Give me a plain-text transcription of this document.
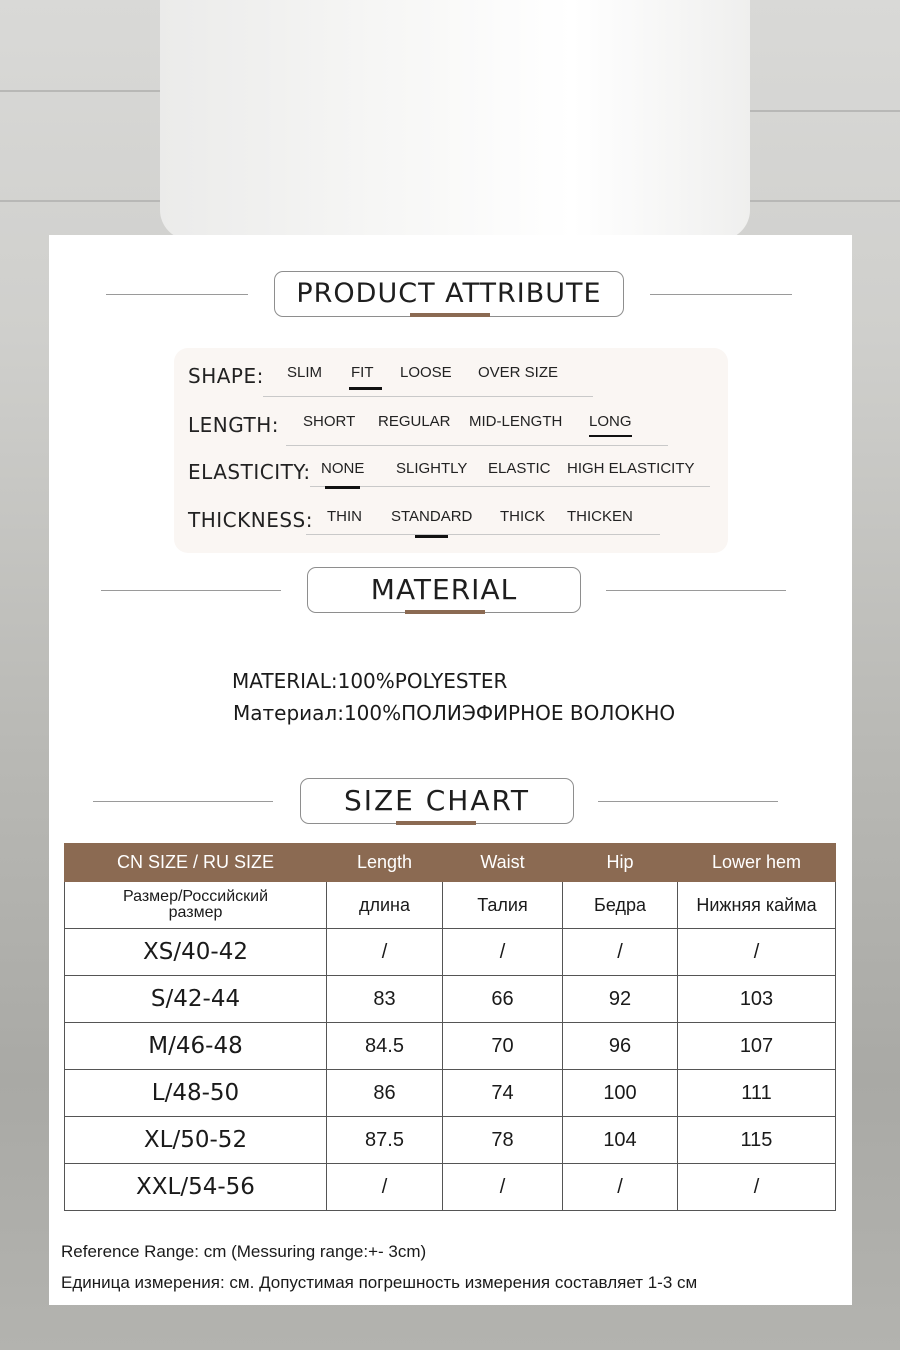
PRODUCT ATTRIBUTE
SHAPE: SLIM FIT LOOSE OVER SIZE
LENGTH: SHORT REGULAR MID-LENGTH LONG
ELASTICITY: NONE SLIGHTLY ELASTIC HIGH ELASTICITY
THICKNESS: THIN STANDARD THICK THICKEN
MATERIAL
MATERIAL:100%POLYESTER
Материал:100%ПОЛИЭФИРНОЕ ВОЛОКНО
SIZE CHART
CN SIZE / RU SIZE	Length	Waist	Hip	Lower hem
Размер/Российский размер	длина	Талия	Бедра	Нижняя кайма
XS/40-42	/	/	/	/
S/42-44	83	66	92	103
M/46-48	84.5	70	96	107
L/48-50	86	74	100	111
XL/50-52	87.5	78	104	115
XXL/54-56	/	/	/	/
Reference Range: cm (Messuring range:+- 3cm)
Единица измерения: см. Допустимая погрешность измерения составляет 1-3 см
